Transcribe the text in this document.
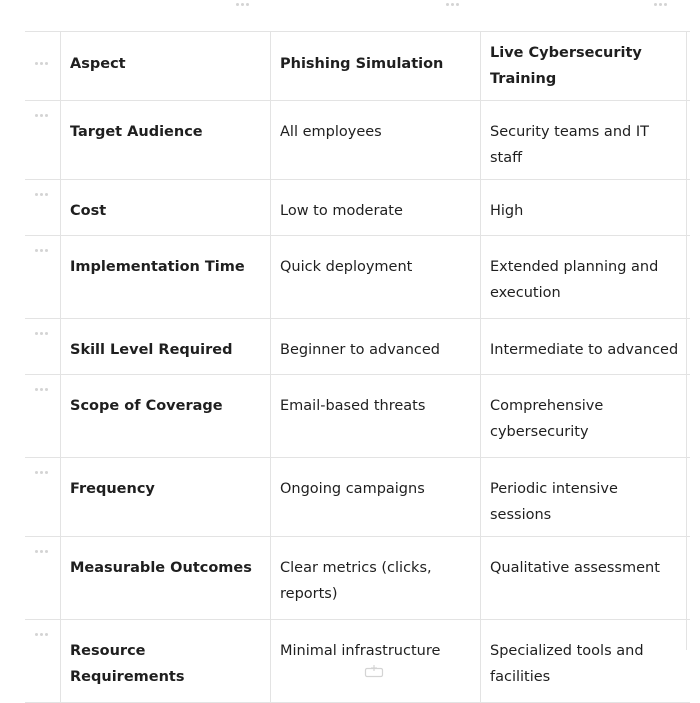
	Aspect	Phishing Simulation	Live Cybersecurity Training

	Target Audience	All employees	Security teams and IT staff

	Cost	Low to moderate	High

	Implementation Time	Quick deployment	Extended planning and execution

	Skill Level Required	Beginner to advanced	Intermediate to advanced

	Scope of Coverage	Email-based threats	Comprehensive cybersecurity

	Frequency	Ongoing campaigns	Periodic intensive sessions

	Measurable Outcomes	Clear metrics (clicks, reports)	Qualitative assessment

	Resource Requirements	Minimal infrastructure	Specialized tools and facilities
